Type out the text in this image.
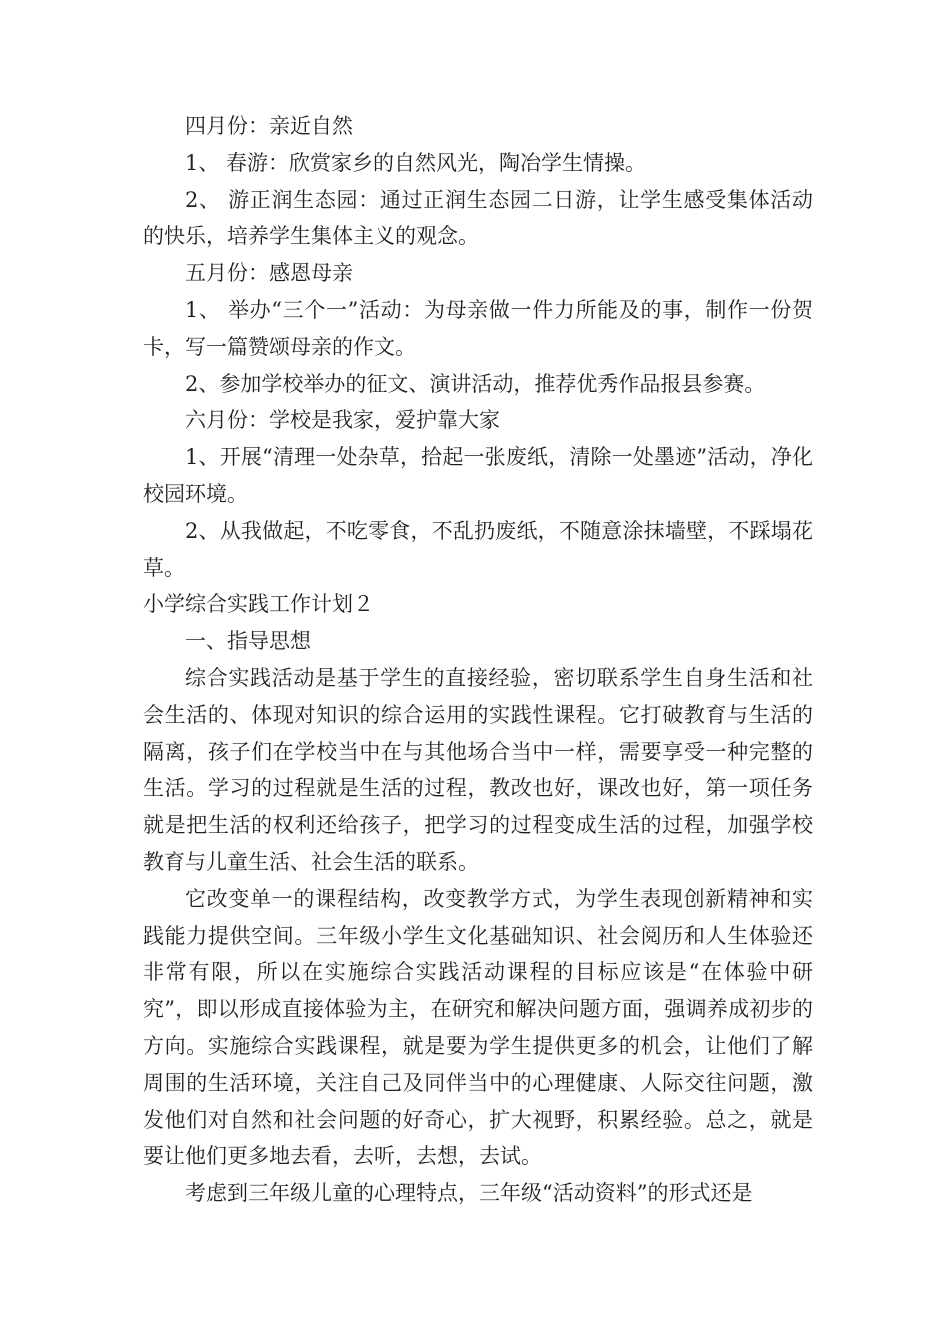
四月份：亲近自然

1、 春游：欣赏家乡的自然风光，陶冶学生情操。

2、 游正润生态园：通过正润生态园二日游，让学生感受集体活动的快乐，培养学生集体主义的观念。

五月份：感恩母亲

1、 举办“三个一”活动：为母亲做一件力所能及的事，制作一份贺卡，写一篇赞颂母亲的作文。

2、参加学校举办的征文、演讲活动，推荐优秀作品报县参赛。

六月份：学校是我家，爱护靠大家

1、开展“清理一处杂草，拾起一张废纸，清除一处墨迹”活动，净化校园环境。

2、从我做起，不吃零食，不乱扔废纸，不随意涂抹墙壁，不踩塌花草。

小学综合实践工作计划２

一、指导思想

综合实践活动是基于学生的直接经验，密切联系学生自身生活和社会生活的、体现对知识的综合运用的实践性课程。它打破教育与生活的隔离，孩子们在学校当中在与其他场合当中一样，需要享受一种完整的生活。学习的过程就是生活的过程，教改也好，课改也好，第一项任务就是把生活的权利还给孩子，把学习的过程变成生活的过程，加强学校教育与儿童生活、社会生活的联系。

它改变单一的课程结构，改变教学方式，为学生表现创新精神和实践能力提供空间。三年级小学生文化基础知识、社会阅历和人生体验还非常有限，所以在实施综合实践活动课程的目标应该是“在体验中研究”，即以形成直接体验为主，在研究和解决问题方面，强调养成初步的方向。实施综合实践课程，就是要为学生提供更多的机会，让他们了解周围的生活环境，关注自己及同伴当中的心理健康、人际交往问题，激发他们对自然和社会问题的好奇心，扩大视野，积累经验。总之，就是要让他们更多地去看，去听，去想，去试。

考虑到三年级儿童的心理特点，三年级“活动资料”的形式还是
